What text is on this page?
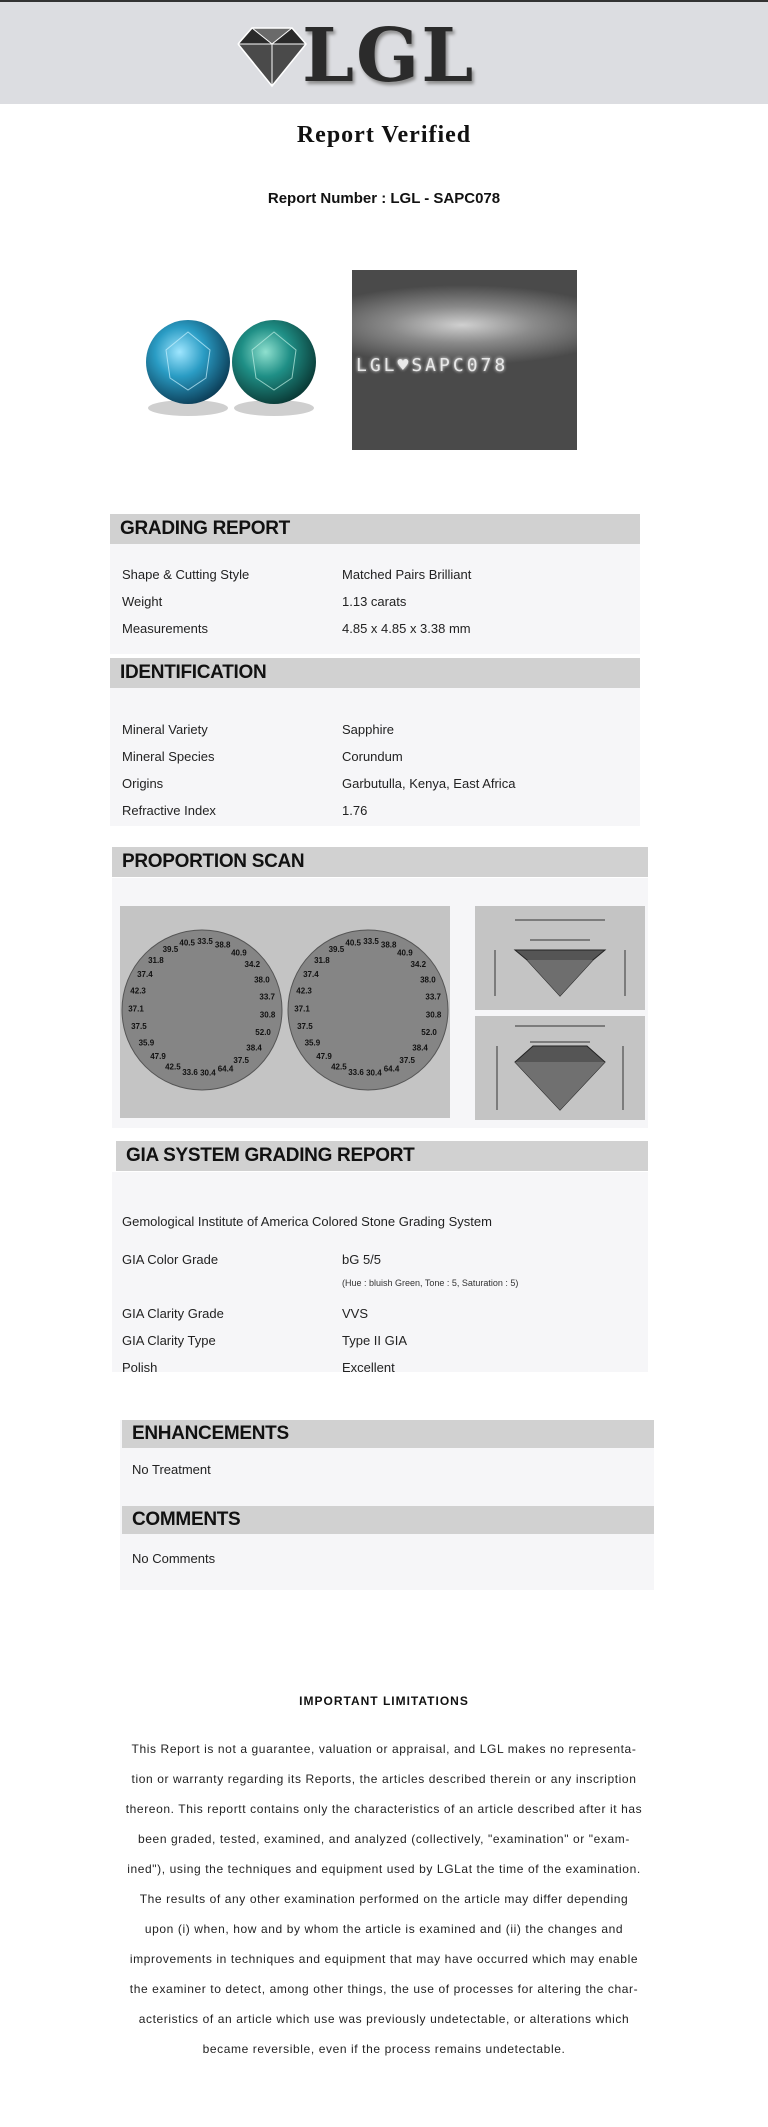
LGL
Report Verified
Report Number : LGL - SAPC078
LGL♥SAPC078
GRADING REPORT
Shape & Cutting Style	Matched Pairs Brilliant
Weight	1.13 carats
Measurements	4.85 x 4.85 x 3.38 mm
IDENTIFICATION
Mineral Variety	Sapphire
Mineral Species	Corundum
Origins	Garbutulla, Kenya, East Africa
Refractive Index	1.76
PROPORTION SCAN
39.5
40.5 33.5 38.8
40.9
34.2
38.0
33.7
30.8
52.0
38.4
37.5
64.4
30.4
33.6
42.5
47.9
35.9
37.5
37.1
42.3
37.4
31.8
39.5
40.5 33.5 38.8
40.9
34.2
38.0
33.7
30.8
52.0
38.4
37.5
64.4
30.4
33.6
42.5
47.9
35.9
37.5
37.1
42.3
37.4
31.8
GIA SYSTEM GRADING REPORT
Gemological Institute of America Colored Stone Grading System
GIA Color Grade	bG 5/5
(Hue : bluish Green, Tone : 5, Saturation : 5)
GIA Clarity Grade	VVS
GIA Clarity Type	Type II GIA
Polish	Excellent
ENHANCEMENTS
No Treatment
COMMENTS
No Comments
IMPORTANT LIMITATIONS
This Report is not a guarantee, valuation or appraisal, and LGL makes no representa-
tion or warranty regarding its Reports, the articles described therein or any inscription
thereon. This reportt contains only the characteristics of an article described after it has
been graded, tested, examined, and analyzed (collectively, "examination" or "exam-
ined"), using the techniques and equipment used by LGLat the time of the examination.
The results of any other examination performed on the article may differ depending
upon (i) when, how and by whom the article is examined and (ii) the changes and
improvements in techniques and equipment that may have occurred which may enable
the examiner to detect, among other things, the use of processes for altering the char-
acteristics of an article which use was previously undetectable, or alterations which
became reversible, even if the process remains undetectable.
